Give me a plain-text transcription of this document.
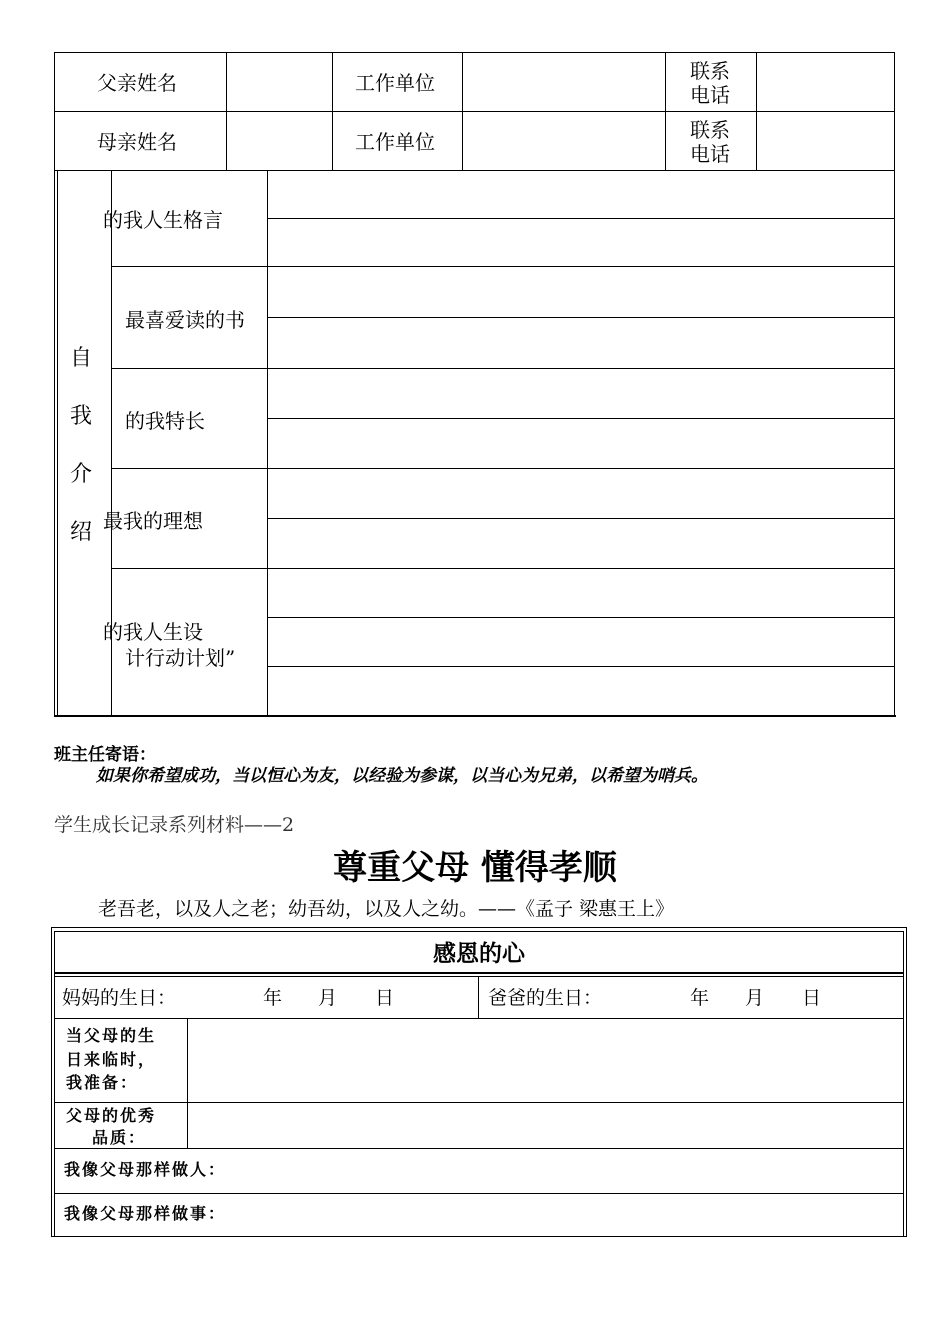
父亲姓名	工作单位	联系
电话
母亲姓名	工作单位	联系
电话
自
我
介
绍
的我人生格言
最喜爱读的书
的我特长
最我的理想
的我人生设
计行动计划”
班主任寄语：
如果你希望成功，当以恒心为友，以经验为参谋，以当心为兄弟，以希望为哨兵。
学生成长记录系列材料——2
尊重父母 懂得孝顺
老吾老，以及人之老；幼吾幼，以及人之幼。——《孟子 梁惠王上》
感恩的心
妈妈的生日：	年 月 日	爸爸的生日：	年 月 日
当父母的生
日来临时，
我准备：
父母的优秀
品质：
我像父母那样做人：
我像父母那样做事：
